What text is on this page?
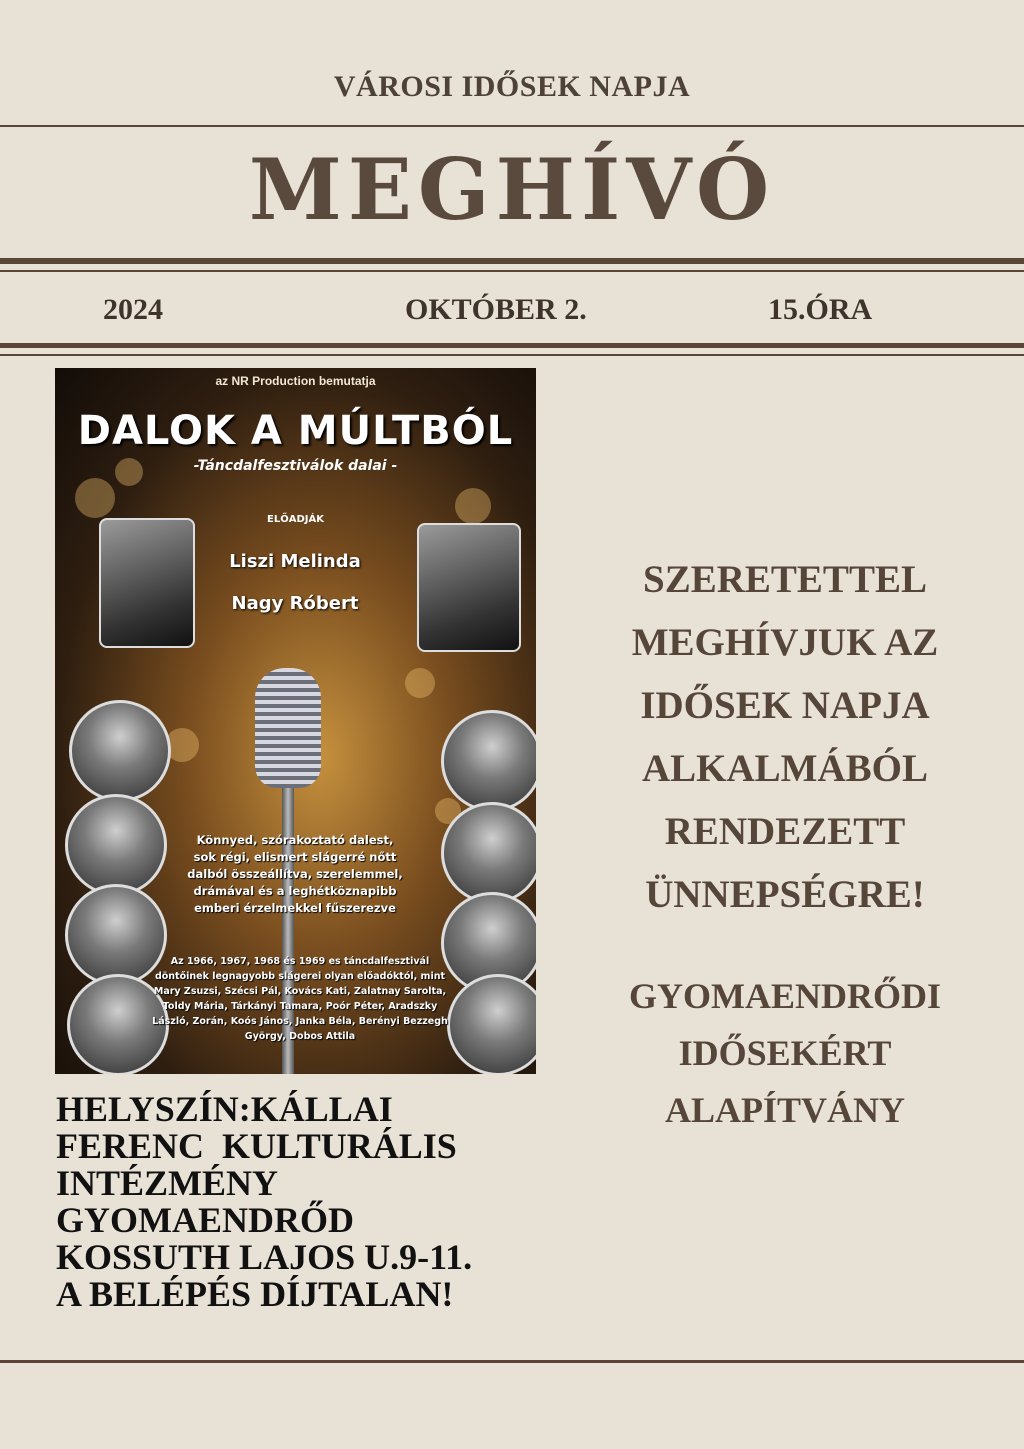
VÁROSI IDŐSEK NAPJA
MEGHÍVÓ
2024	OKTÓBER 2.	15.ÓRA
az NR Production bemutatja
DALOK A MÚLTBÓL
-Táncdalfesztiválok dalai -
ELŐADJÁK
Liszi Melinda
Nagy Róbert
Könnyed, szórakoztató dalest, sok régi, elismert slágerré nőtt dalból összeállítva, szerelemmel, drámával és a leghétköznapibb emberi érzelmekkel fűszerezve
Az 1966, 1967, 1968 és 1969 es táncdalfesztivál döntőinek legnagyobb slágerei olyan előadóktól, mint Mary Zsuzsi, Szécsi Pál, Kovács Kati, Zalatnay Sarolta, Toldy Mária, Tárkányi Tamara, Poór Péter, Aradszky László, Zorán, Koós János, Janka Béla, Berényi Bezzegh György, Dobos Attila
SZERETETTEL
MEGHÍVJUK AZ
IDŐSEK NAPJA
ALKALMÁBÓL
RENDEZETT
ÜNNEPSÉGRE!
GYOMAENDRŐDI
IDŐSEKÉRT
ALAPÍTVÁNY
HELYSZÍN:KÁLLAI
FERENC  KULTURÁLIS
INTÉZMÉNY
GYOMAENDRŐD
KOSSUTH LAJOS U.9-11.
A BELÉPÉS DÍJTALAN!
